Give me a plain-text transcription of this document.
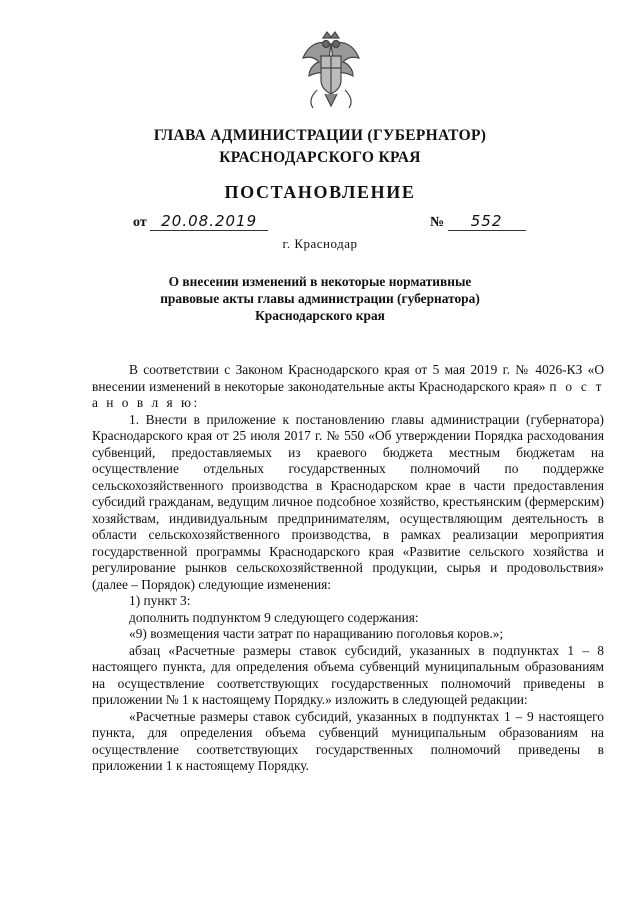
ГЛАВА АДМИНИСТРАЦИИ (ГУБЕРНАТОР)
КРАСНОДАРСКОГО КРАЯ
ПОСТАНОВЛЕНИЕ
от 20.08.2019	№ 552
г. Краснодар
О внесении изменений в некоторые нормативные
правовые акты главы администрации (губернатора)
Краснодарского края

В соответствии с Законом Краснодарского края от 5 мая 2019 г. № 4026-КЗ «О внесении изменений в некоторые законодательные акты Краснодарского края» п о с т а н о в л я ю:

1. Внести в приложение к постановлению главы администрации (губернатора) Краснодарского края от 25 июля 2017 г. № 550 «Об утверждении Порядка расходования субвенций, предоставляемых из краевого бюджета местным бюджетам на осуществление отдельных государственных полномочий по поддержке сельскохозяйственного производства в Краснодарском крае в части предоставления субсидий гражданам, ведущим личное подсобное хозяйство, крестьянским (фермерским) хозяйствам, индивидуальным предпринимателям, осуществляющим деятельность в области сельскохозяйственного производства, в рамках реализации мероприятия государственной программы Краснодарского края «Развитие сельского хозяйства и регулирование рынков сельскохозяйственной продукции, сырья и продовольствия» (далее – Порядок) следующие изменения:

1) пункт 3:

дополнить подпунктом 9 следующего содержания:

«9) возмещения части затрат по наращиванию поголовья коров.»;

абзац «Расчетные размеры ставок субсидий, указанных в подпунктах 1 – 8 настоящего пункта, для определения объема субвенций муниципальным образованиям на осуществление соответствующих государственных полномочий приведены в приложении № 1 к настоящему Порядку.» изложить в следующей редакции:

«Расчетные размеры ставок субсидий, указанных в подпунктах 1 – 9 настоящего пункта, для определения объема субвенций муниципальным образованиям на осуществление соответствующих государственных полномочий приведены в приложении 1 к настоящему Порядку.
